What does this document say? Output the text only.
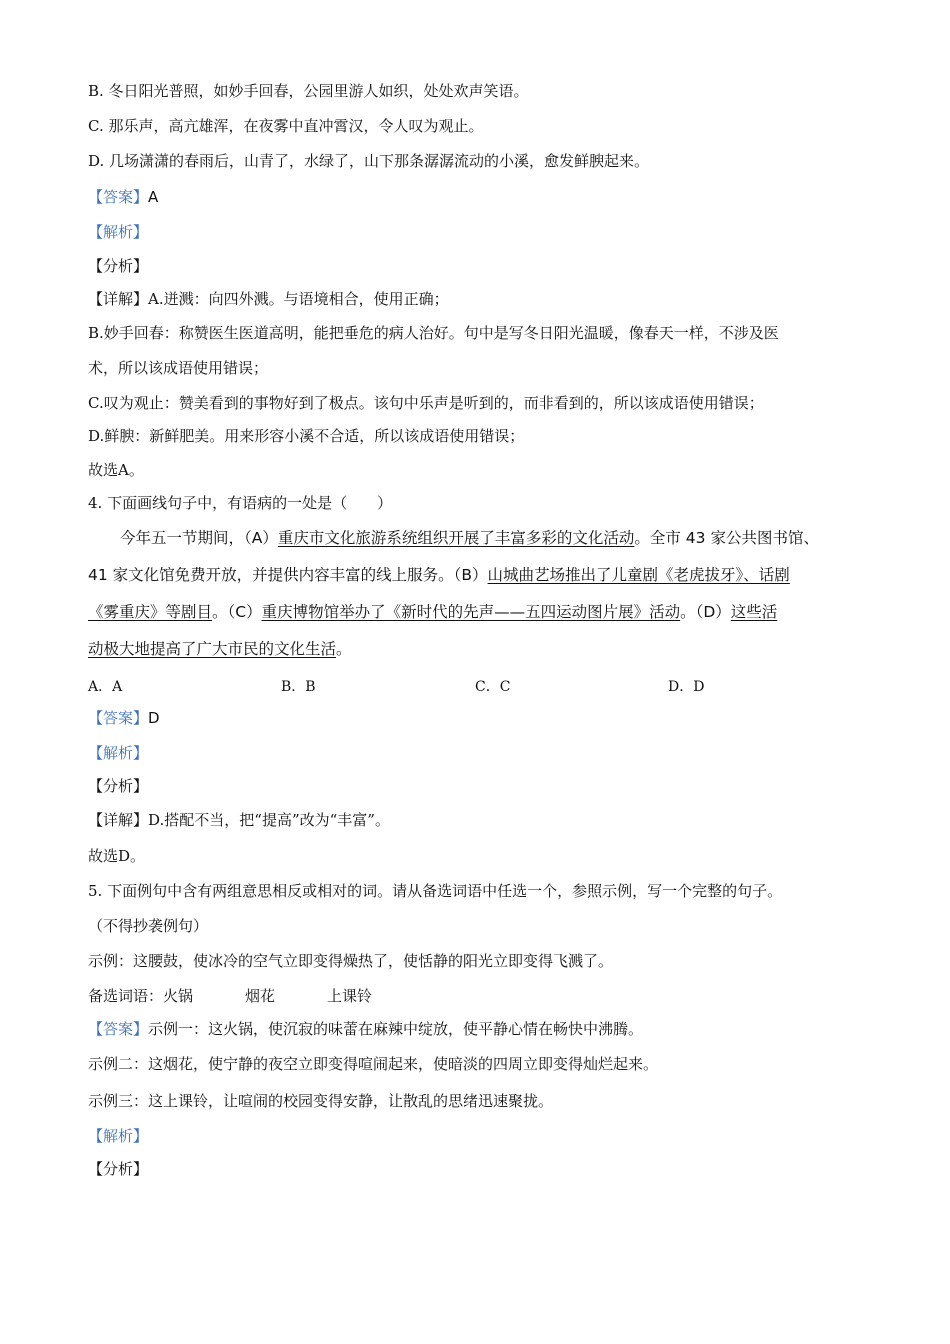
B. 冬日阳光普照，如妙手回春，公园里游人如织，处处欢声笑语。
C. 那乐声，高亢雄浑，在夜雾中直冲霄汉，令人叹为观止。
D. 几场潇潇的春雨后，山青了，水绿了，山下那条潺潺流动的小溪，愈发鲜腴起来。
【答案】A
【解析】
【分析】
【详解】A.迸溅：向四外溅。与语境相合，使用正确；
B.妙手回春：称赞医生医道高明，能把垂危的病人治好。句中是写冬日阳光温暖，像春天一样，不涉及医
术，所以该成语使用错误；
C.叹为观止：赞美看到的事物好到了极点。该句中乐声是听到的，而非看到的，所以该成语使用错误；
D.鲜腴：新鲜肥美。用来形容小溪不合适，所以该成语使用错误；
故选A。
4. 下面画线句子中，有语病的一处是（　　）
今年五一节期间，（A）重庆市文化旅游系统组织开展了丰富多彩的文化活动。全市 43 家公共图书馆、
41 家文化馆免费开放，并提供内容丰富的线上服务。（B）山城曲艺场推出了儿童剧《老虎拔牙》、话剧
《雾重庆》等剧目。（C）重庆博物馆举办了《新时代的先声——五四运动图片展》活动。（D）这些活
动极大地提高了广大市民的文化生活。
A．A	B．B	C．C	D．D
【答案】D
【解析】
【分析】
【详解】D.搭配不当，把“提高”改为“丰富”。
故选D。
5. 下面例句中含有两组意思相反或相对的词。请从备选词语中任选一个，参照示例，写一个完整的句子。
（不得抄袭例句）
示例：这腰鼓，使冰冷的空气立即变得燥热了，使恬静的阳光立即变得飞溅了。
备选词语：火锅	烟花	上课铃
【答案】示例一：这火锅，使沉寂的味蕾在麻辣中绽放，使平静心情在畅快中沸腾。
示例二：这烟花，使宁静的夜空立即变得喧闹起来，使暗淡的四周立即变得灿烂起来。
示例三：这上课铃，让喧闹的校园变得安静，让散乱的思绪迅速聚拢。
【解析】
【分析】
